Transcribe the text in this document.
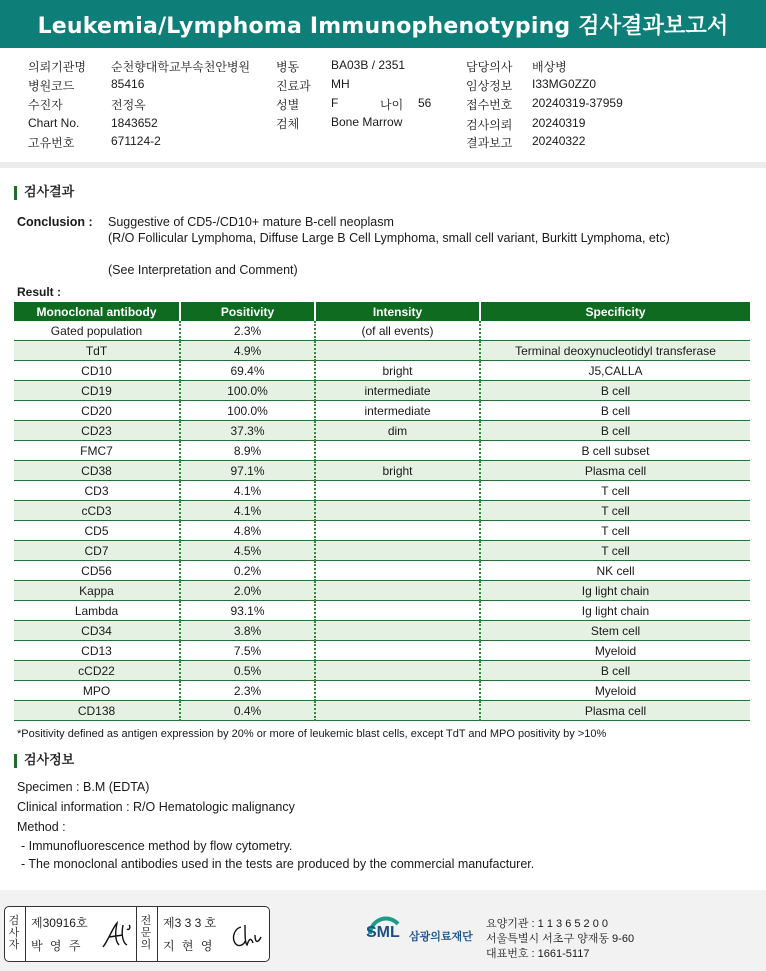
Leukemia/Lymphoma Immunophenotyping 검사결과보고서
의뢰기관명 순천향대학교부속천안병원
병원코드	85416
수진자	전정옥
Chart No.	1843652
고유번호	671124-2
병동	BA03B / 2351
진료과 MH
성별	F
검체	Bone Marrow
담당의사 배상병
임상정보 I33MG0ZZ0
접수번호 20240319-37959
검사의뢰 20240319
결과보고 20240322
나이 56
검사결과
Conclusion : Suggestive of CD5-/CD10+ mature B-cell neoplasm
(R/O Follicular Lymphoma, Diffuse Large B Cell Lymphoma, small cell variant, Burkitt Lymphoma, etc)
(See Interpretation and Comment)
Result :
Monoclonal antibody	Positivity	Intensity	Specificity
Gated population	2.3%	(of all events)	
TdT	4.9%		Terminal deoxynucleotidyl transferase
CD10	69.4%	bright	J5,CALLA
CD19	100.0%	intermediate	B cell
CD20	100.0%	intermediate	B cell
CD23	37.3%	dim	B cell
FMC7	8.9%		B cell subset
CD38	97.1%	bright	Plasma cell
CD3	4.1%		T cell
cCD3	4.1%		T cell
CD5	4.8%		T cell
CD7	4.5%		T cell
CD56	0.2%		NK cell
Kappa	2.0%		Ig light chain
Lambda	93.1%		Ig light chain
CD34	3.8%		Stem cell
CD13	7.5%		Myeloid
cCD22	0.5%		B cell
MPO	2.3%		Myeloid
CD138	0.4%		Plasma cell
*Positivity defined as antigen expression by 20% or more of leukemic blast cells, except TdT and MPO positivity by >10%
검사정보
Specimen : B.M (EDTA)
Clinical information : R/O Hematologic malignancy
Method :
- Immunofluorescence method by flow cytometry.
- The monoclonal antibodies used in the tests are produced by the commercial manufacturer.
검
사
자
제30916호
박 영 주
전
문
의
제3 3 3 호
지 현 영
SML 삼광의료재단
요양기관 : 1 1 3 6 5 2 0 0
서울특별시 서초구 양재동 9-60
대표번호 : 1661-5117
